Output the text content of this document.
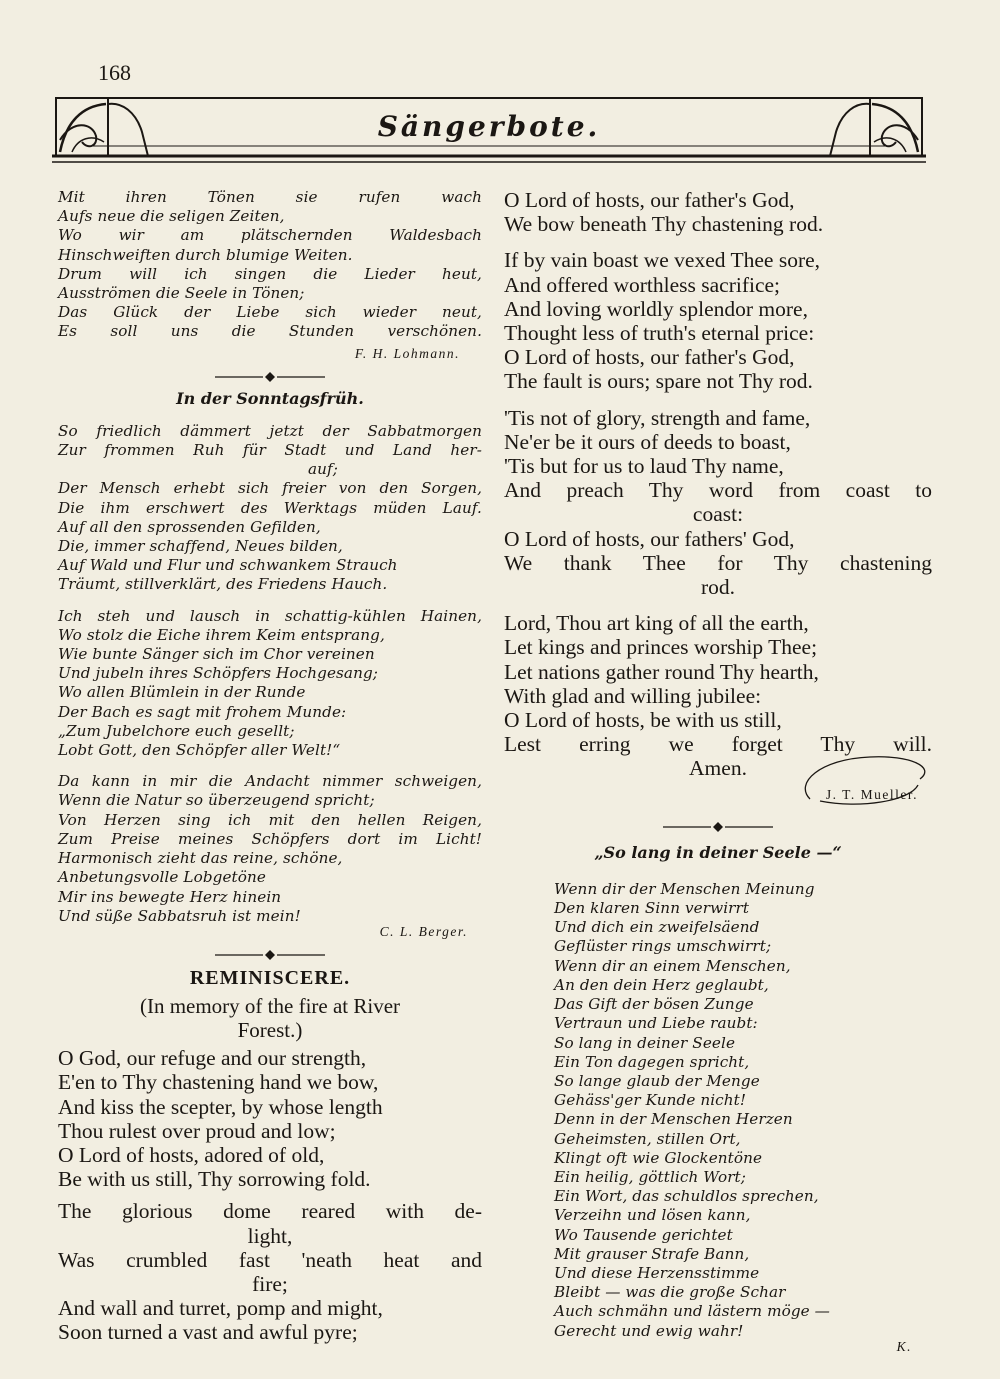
168
Sängerbote.
Mit ihren Tönen sie rufen wach
Aufs neue die seligen Zeiten,
Wo wir am plätschernden Waldesbach
Hinschweiften durch blumige Weiten.
Drum will ich singen die Lieder heut,
Ausströmen die Seele in Tönen;
Das Glück der Liebe sich wieder neut,
Es soll uns die Stunden verschönen.
F. H. Lohmann.
In der Sonntagsfrüh.
So friedlich dämmert jetzt der Sabbatmorgen
Zur frommen Ruh für Stadt und Land her-
auf;
Der Mensch erhebt sich freier von den Sorgen,
Die ihm erschwert des Werktags müden Lauf.
Auf all den sprossenden Gefilden,
Die, immer schaffend, Neues bilden,
Auf Wald und Flur und schwankem Strauch
Träumt, stillverklärt, des Friedens Hauch.
Ich steh und lausch in schattig-kühlen Hainen,
Wo stolz die Eiche ihrem Keim entsprang,
Wie bunte Sänger sich im Chor vereinen
Und jubeln ihres Schöpfers Hochgesang;
Wo allen Blümlein in der Runde
Der Bach es sagt mit frohem Munde:
„Zum Jubelchore euch gesellt;
Lobt Gott, den Schöpfer aller Welt!“
Da kann in mir die Andacht nimmer schweigen,
Wenn die Natur so überzeugend spricht;
Von Herzen sing ich mit den hellen Reigen,
Zum Preise meines Schöpfers dort im Licht!
Harmonisch zieht das reine, schöne,
Anbetungsvolle Lobgetöne
Mir ins bewegte Herz hinein
Und süße Sabbatsruh ist mein!
C. L. Berger.
REMINISCERE.
(In memory of the fire at River
Forest.)
O God, our refuge and our strength,
E'en to Thy chastening hand we bow,
And kiss the scepter, by whose length
Thou rulest over proud and low;
O Lord of hosts, adored of old,
Be with us still, Thy sorrowing fold.
The glorious dome reared with de-
light,
Was crumbled fast 'neath heat and
fire;
And wall and turret, pomp and might,
Soon turned a vast and awful pyre;
O Lord of hosts, our father's God,
We bow beneath Thy chastening rod.
If by vain boast we vexed Thee sore,
And offered worthless sacrifice;
And loving worldly splendor more,
Thought less of truth's eternal price:
O Lord of hosts, our father's God,
The fault is ours; spare not Thy rod.
'Tis not of glory, strength and fame,
Ne'er be it ours of deeds to boast,
'Tis but for us to laud Thy name,
And preach Thy word from coast to
coast:
O Lord of hosts, our fathers' God,
We thank Thee for Thy chastening
rod.
Lord, Thou art king of all the earth,
Let kings and princes worship Thee;
Let nations gather round Thy hearth,
With glad and willing jubilee:
O Lord of hosts, be with us still,
Lest erring we forget Thy will.
Amen.
J. T. Mueller.
„So lang in deiner Seele —“
Wenn dir der Menschen Meinung
Den klaren Sinn verwirrt
Und dich ein zweifelsäend
Geflüster rings umschwirrt;
Wenn dir an einem Menschen,
An den dein Herz geglaubt,
Das Gift der bösen Zunge
Vertraun und Liebe raubt:
So lang in deiner Seele
Ein Ton dagegen spricht,
So lange glaub der Menge
Gehäss'ger Kunde nicht!
Denn in der Menschen Herzen
Geheimsten, stillen Ort,
Klingt oft wie Glockentöne
Ein heilig, göttlich Wort;
Ein Wort, das schuldlos sprechen,
Verzeihn und lösen kann,
Wo Tausende gerichtet
Mit grauser Strafe Bann,
Und diese Herzensstimme
Bleibt — was die große Schar
Auch schmähn und lästern möge —
Gerecht und ewig wahr!
K.
